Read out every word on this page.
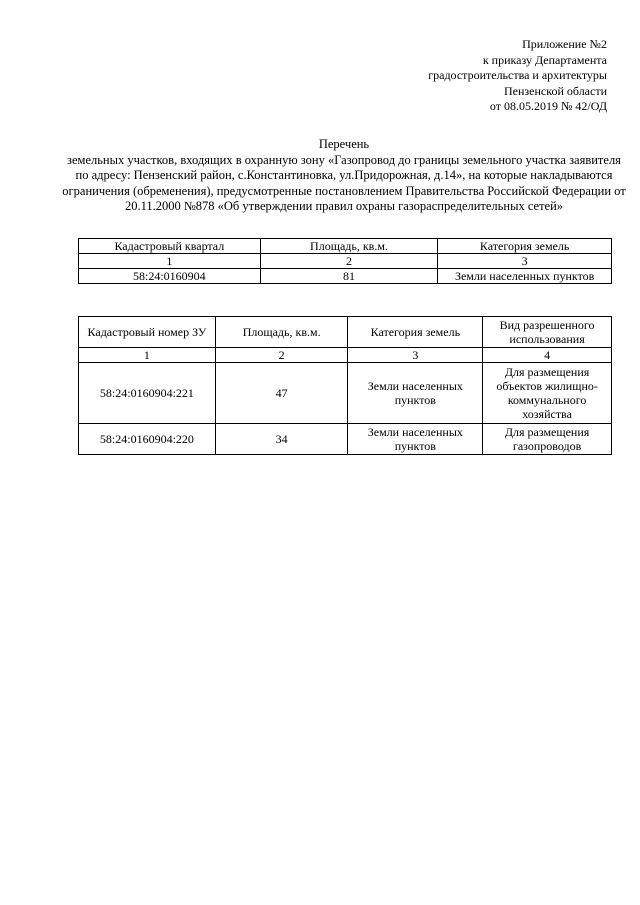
Приложение №2
к приказу Департамента
градостроительства и архитектуры
Пензенской области
от 08.05.2019 № 42/ОД
Перечень
земельных участков, входящих в охранную зону «Газопровод до границы земельного участка заявителя по адресу: Пензенский район, с.Константиновка, ул.Придорожная, д.14», на которые накладываются ограничения (обременения), предусмотренные постановлением Правительства Российской Федерации от 20.11.2000 №878 «Об утверждении правил охраны газораспределительных сетей»
Кадастровый квартал	Площадь, кв.м.	Категория земель
1	2	3
58:24:0160904	81	Земли населенных пунктов
Кадастровый номер ЗУ	Площадь, кв.м.	Категория земель	Вид разрешенного использования
1	2	3	4
58:24:0160904:221	47	Земли населенных пунктов	Для размещения объектов жилищно-коммунального хозяйства
58:24:0160904:220	34	Земли населенных пунктов	Для размещения газопроводов
